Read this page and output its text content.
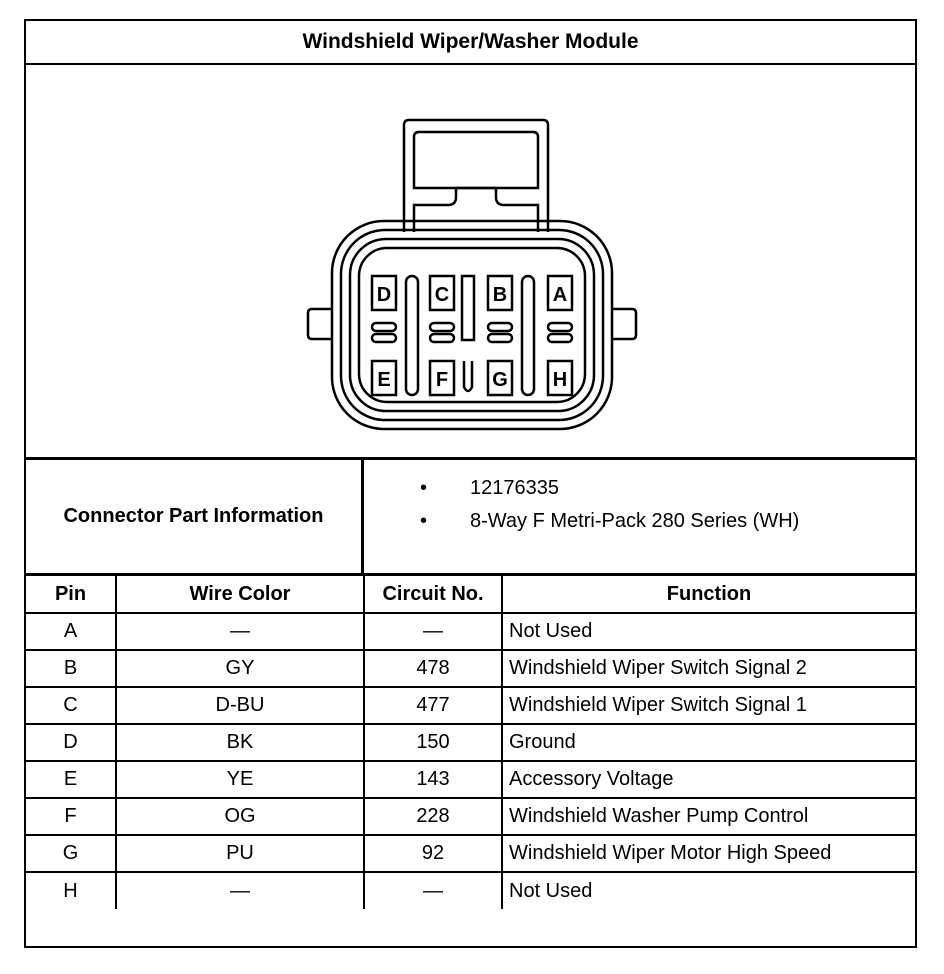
Windshield Wiper/Washer Module
D C B A
E F G H
Connector Part Information
• 12176335
• 8-Way F Metri-Pack 280 Series (WH)
Pin	Wire Color	Circuit No.	Function
A	—	—	Not Used
B	GY	478	Windshield Wiper Switch Signal 2
C	D-BU	477	Windshield Wiper Switch Signal 1
D	BK	150	Ground
E	YE	143	Accessory Voltage
F	OG	228	Windshield Washer Pump Control
G	PU	92	Windshield Wiper Motor High Speed
H	—	—	Not Used
